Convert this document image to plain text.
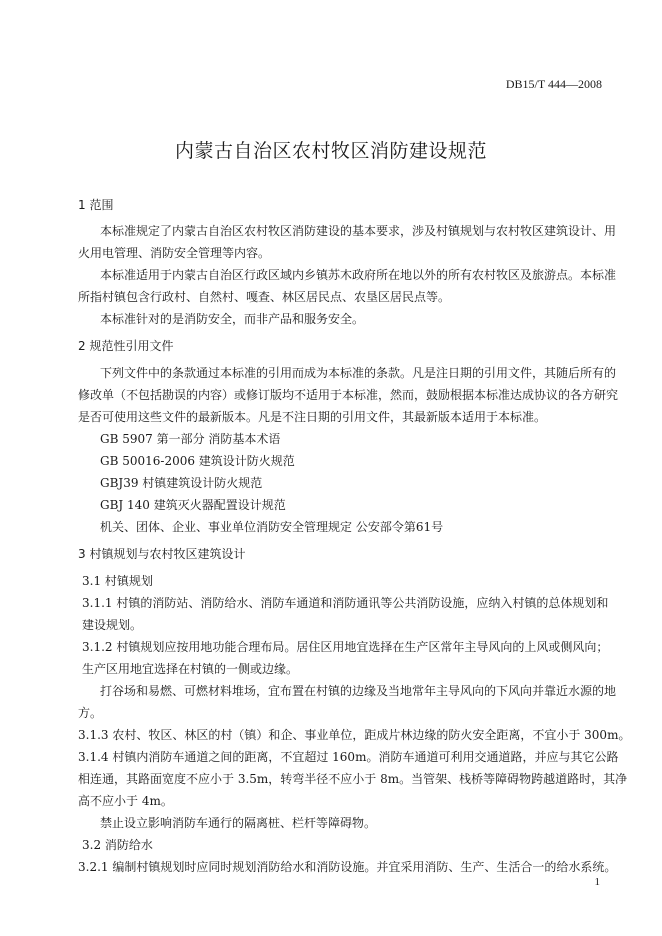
DB15/T 444—2008
内蒙古自治区农村牧区消防建设规范
1 范围
本标准规定了内蒙古自治区农村牧区消防建设的基本要求，涉及村镇规划与农村牧区建筑设计、用
火用电管理、消防安全管理等内容。
本标准适用于内蒙古自治区行政区域内乡镇苏木政府所在地以外的所有农村牧区及旅游点。本标准
所指村镇包含行政村、自然村、嘎查、林区居民点、农垦区居民点等。
本标准针对的是消防安全，而非产品和服务安全。
2 规范性引用文件
下列文件中的条款通过本标准的引用而成为本标准的条款。凡是注日期的引用文件，其随后所有的
修改单（不包括勘误的内容）或修订版均不适用于本标准，然而，鼓励根据本标准达成协议的各方研究
是否可使用这些文件的最新版本。凡是不注日期的引用文件，其最新版本适用于本标准。
GB 5907 第一部分 消防基本术语
GB 50016-2006 建筑设计防火规范
GBJ39 村镇建筑设计防火规范
GBJ 140 建筑灭火器配置设计规范
机关、团体、企业、事业单位消防安全管理规定 公安部令第61号
3 村镇规划与农村牧区建筑设计
3.1 村镇规划
3.1.1 村镇的消防站、消防给水、消防车通道和消防通讯等公共消防设施，应纳入村镇的总体规划和
建设规划。
3.1.2 村镇规划应按用地功能合理布局。居住区用地宜选择在生产区常年主导风向的上风或侧风向；
生产区用地宜选择在村镇的一侧或边缘。
打谷场和易燃、可燃材料堆场，宜布置在村镇的边缘及当地常年主导风向的下风向并靠近水源的地
方。
3.1.3 农村、牧区、林区的村（镇）和企、事业单位，距成片林边缘的防火安全距离，不宜小于 300m。
3.1.4 村镇内消防车通道之间的距离，不宜超过 160m。消防车通道可利用交通道路，并应与其它公路
相连通，其路面宽度不应小于 3.5m，转弯半径不应小于 8m。当管架、栈桥等障碍物跨越道路时，其净
高不应小于 4m。
禁止设立影响消防车通行的隔离桩、栏杆等障碍物。
3.2 消防给水
3.2.1 编制村镇规划时应同时规划消防给水和消防设施。并宜采用消防、生产、生活合一的给水系统。
1
